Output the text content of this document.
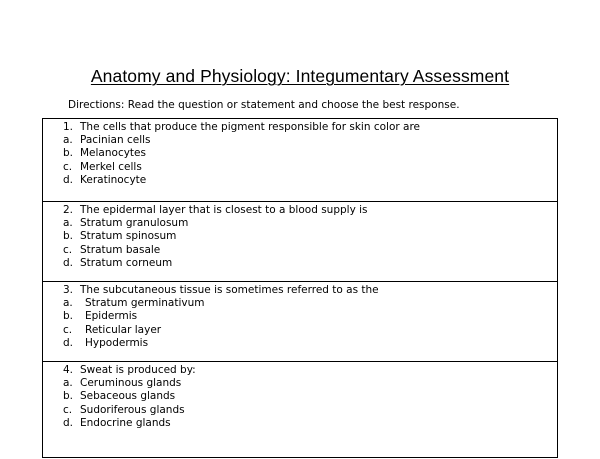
Anatomy and Physiology: Integumentary Assessment
Directions: Read the question or statement and choose the best response.
1. The cells that produce the pigment responsible for skin color are
a. Pacinian cells
b. Melanocytes
c. Merkel cells
d. Keratinocyte
2. The epidermal layer that is closest to a blood supply is
a. Stratum granulosum
b. Stratum spinosum
c. Stratum basale
d. Stratum corneum
3. The subcutaneous tissue is sometimes referred to as the
a. Stratum germinativum
b. Epidermis
c. Reticular layer
d. Hypodermis
4. Sweat is produced by:
a. Ceruminous glands
b. Sebaceous glands
c. Sudoriferous glands
d. Endocrine glands
